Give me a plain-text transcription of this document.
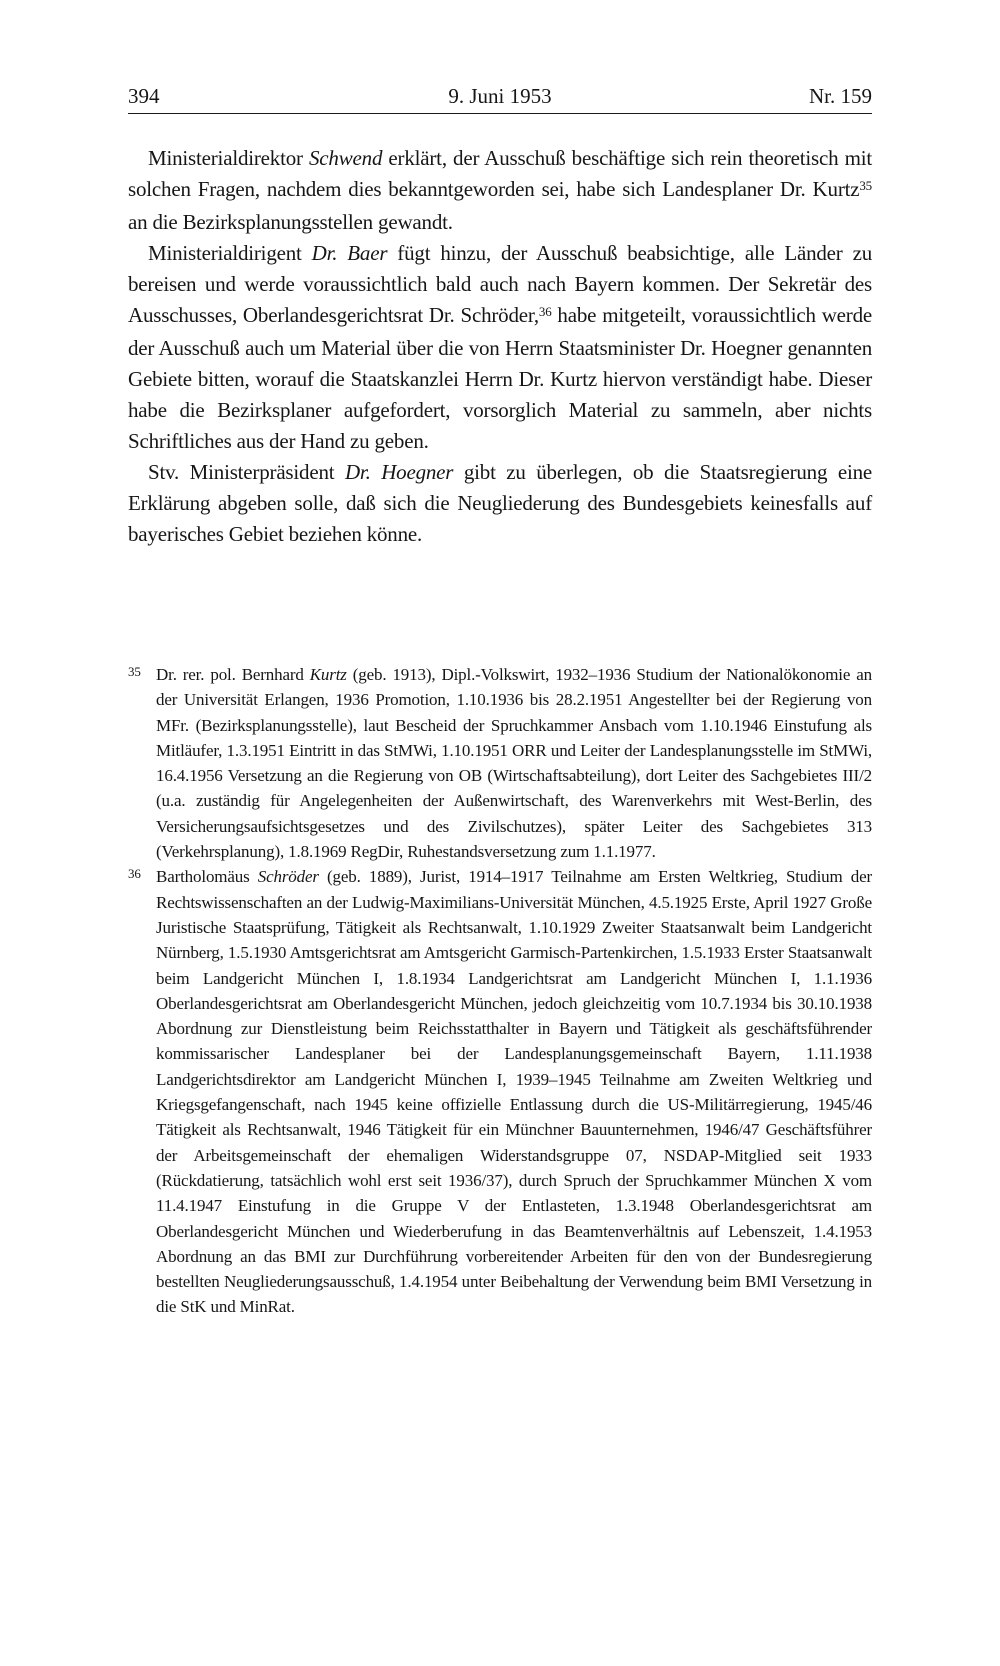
394	9. Juni 1953	Nr. 159

Ministerialdirektor Schwend erklärt, der Ausschuß beschäftige sich rein theoretisch mit solchen Fragen, nachdem dies bekanntgeworden sei, habe sich Landesplaner Dr. Kurtz$^{35}$ an die Bezirksplanungsstellen gewandt.

Ministerialdirigent Dr. Baer fügt hinzu, der Ausschuß beabsichtige, alle Länder zu bereisen und werde voraussichtlich bald auch nach Bayern kommen. Der Sekretär des Ausschusses, Oberlandesgerichtsrat Dr. Schröder,$^{36}$ habe mitgeteilt, voraussichtlich werde der Ausschuß auch um Material über die von Herrn Staatsminister Dr. Hoegner genannten Gebiete bitten, worauf die Staatskanzlei Herrn Dr. Kurtz hiervon verständigt habe. Dieser habe die Bezirksplaner aufgefordert, vorsorglich Material zu sammeln, aber nichts Schriftliches aus der Hand zu geben.

Stv. Ministerpräsident Dr. Hoegner gibt zu überlegen, ob die Staatsregierung eine Erklärung abgeben solle, daß sich die Neugliederung des Bundesgebiets keinesfalls auf bayerisches Gebiet beziehen könne.

35 Dr. rer. pol. Bernhard Kurtz (geb. 1913), Dipl.-Volkswirt, 1932–1936 Studium der Nationalökonomie an der Universität Erlangen, 1936 Promotion, 1.10.1936 bis 28.2.1951 Angestellter bei der Regierung von MFr. (Bezirksplanungsstelle), laut Bescheid der Spruchkammer Ansbach vom 1.10.1946 Einstufung als Mitläufer, 1.3.1951 Eintritt in das StMWi, 1.10.1951 ORR und Leiter der Landesplanungsstelle im StMWi, 16.4.1956 Versetzung an die Regierung von OB (Wirtschaftsabteilung), dort Leiter des Sachgebietes III/2 (u.a. zuständig für Angelegenheiten der Außenwirtschaft, des Warenverkehrs mit West-Berlin, des Versicherungsaufsichtsgesetzes und des Zivilschutzes), später Leiter des Sachgebietes 313 (Verkehrsplanung), 1.8.1969 RegDir, Ruhestandsversetzung zum 1.1.1977.

36 Bartholomäus Schröder (geb. 1889), Jurist, 1914–1917 Teilnahme am Ersten Weltkrieg, Studium der Rechtswissenschaften an der Ludwig-Maximilians-Universität München, 4.5.1925 Erste, April 1927 Große Juristische Staatsprüfung, Tätigkeit als Rechtsanwalt, 1.10.1929 Zweiter Staatsanwalt beim Landgericht Nürnberg, 1.5.1930 Amtsgerichtsrat am Amtsgericht Garmisch-Partenkirchen, 1.5.1933 Erster Staatsanwalt beim Landgericht München I, 1.8.1934 Landgerichtsrat am Landgericht München I, 1.1.1936 Oberlandesgerichtsrat am Oberlandesgericht München, jedoch gleichzeitig vom 10.7.1934 bis 30.10.1938 Abordnung zur Dienstleistung beim Reichsstatthalter in Bayern und Tätigkeit als geschäftsführender kommissarischer Landesplaner bei der Landesplanungsgemeinschaft Bayern, 1.11.1938 Landgerichtsdirektor am Landgericht München I, 1939–1945 Teilnahme am Zweiten Weltkrieg und Kriegsgefangenschaft, nach 1945 keine offizielle Entlassung durch die US-Militärregierung, 1945/46 Tätigkeit als Rechtsanwalt, 1946 Tätigkeit für ein Münchner Bauunternehmen, 1946/47 Geschäftsführer der Arbeitsgemeinschaft der ehemaligen Widerstandsgruppe 07, NSDAP-Mitglied seit 1933 (Rückdatierung, tatsächlich wohl erst seit 1936/37), durch Spruch der Spruchkammer München X vom 11.4.1947 Einstufung in die Gruppe V der Entlasteten, 1.3.1948 Oberlandesgerichtsrat am Oberlandesgericht München und Wiederberufung in das Beamtenverhältnis auf Lebenszeit, 1.4.1953 Abordnung an das BMI zur Durchführung vorbereitender Arbeiten für den von der Bundesregierung bestellten Neugliederungsausschuß, 1.4.1954 unter Beibehaltung der Verwendung beim BMI Versetzung in die StK und MinRat.
